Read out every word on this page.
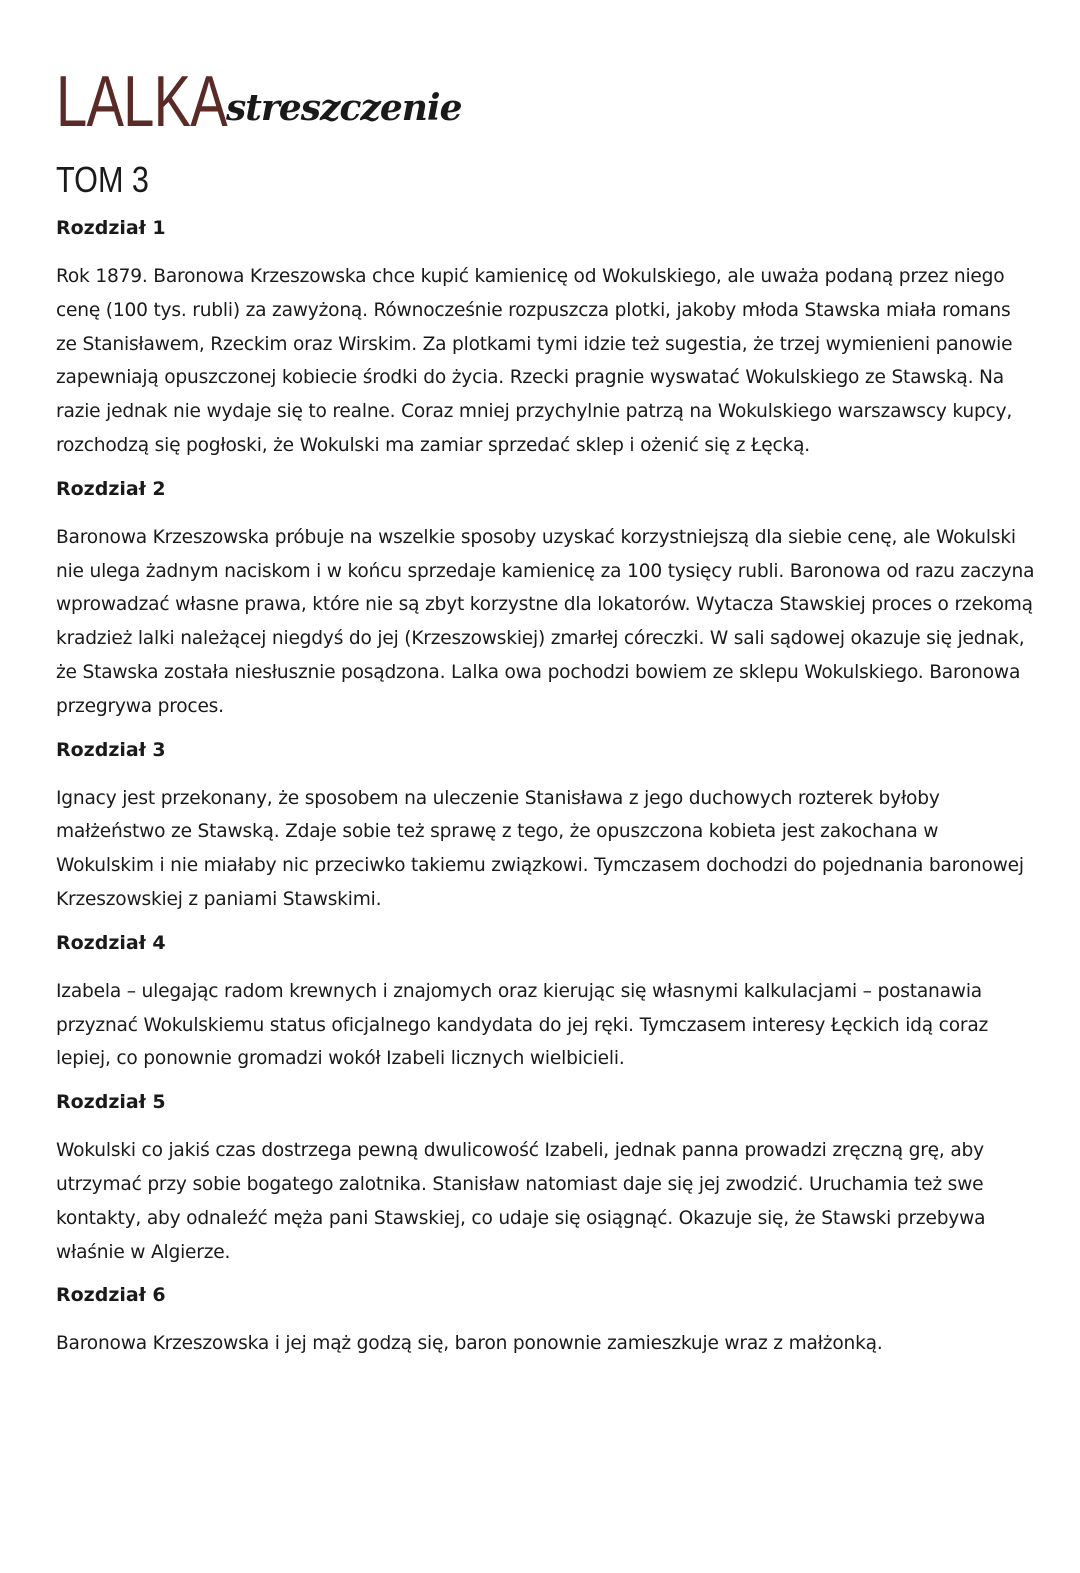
LALKA streszczenie
TOM 3
Rozdział 1

Rok 1879. Baronowa Krzeszowska chce kupić kamienicę od Wokulskiego, ale uważa podaną przez niego cenę (100 tys. rubli) za zawyżoną. Równocześnie rozpuszcza plotki, jakoby młoda Stawska miała romans ze Stanisławem, Rzeckim oraz Wirskim. Za plotkami tymi idzie też sugestia, że trzej wymienieni panowie zapewniają opuszczonej kobiecie środki do życia. Rzecki pragnie wyswatać Wokulskiego ze Stawską. Na razie jednak nie wydaje się to realne. Coraz mniej przychylnie patrzą na Wokulskiego warszawscy kupcy, rozchodzą się pogłoski, że Wokulski ma zamiar sprzedać sklep i ożenić się z Łęcką.

Rozdział 2

Baronowa Krzeszowska próbuje na wszelkie sposoby uzyskać korzystniejszą dla siebie cenę, ale Wokulski nie ulega żadnym naciskom i w końcu sprzedaje kamienicę za 100 tysięcy rubli. Baronowa od razu zaczyna wprowadzać własne prawa, które nie są zbyt korzystne dla lokatorów. Wytacza Stawskiej proces o rzekomą kradzież lalki należącej niegdyś do jej (Krzeszowskiej) zmarłej córeczki. W sali sądowej okazuje się jednak, że Stawska została niesłusznie posądzona. Lalka owa pochodzi bowiem ze sklepu Wokulskiego. Baronowa przegrywa proces.

Rozdział 3

Ignacy jest przekonany, że sposobem na uleczenie Stanisława z jego duchowych rozterek byłoby małżeństwo ze Stawską. Zdaje sobie też sprawę z tego, że opuszczona kobieta jest zakochana w Wokulskim i nie miałaby nic przeciwko takiemu związkowi. Tymczasem dochodzi do pojednania baronowej Krzeszowskiej z paniami Stawskimi.

Rozdział 4

Izabela – ulegając radom krewnych i znajomych oraz kierując się własnymi kalkulacjami – postanawia przyznać Wokulskiemu status oficjalnego kandydata do jej ręki. Tymczasem interesy Łęckich idą coraz lepiej, co ponownie gromadzi wokół Izabeli licznych wielbicieli.

Rozdział 5

Wokulski co jakiś czas dostrzega pewną dwulicowość Izabeli, jednak panna prowadzi zręczną grę, aby utrzymać przy sobie bogatego zalotnika. Stanisław natomiast daje się jej zwodzić. Uruchamia też swe kontakty, aby odnaleźć męża pani Stawskiej, co udaje się osiągnąć. Okazuje się, że Stawski przebywa właśnie w Algierze.

Rozdział 6

Baronowa Krzeszowska i jej mąż godzą się, baron ponownie zamieszkuje wraz z małżonką.
